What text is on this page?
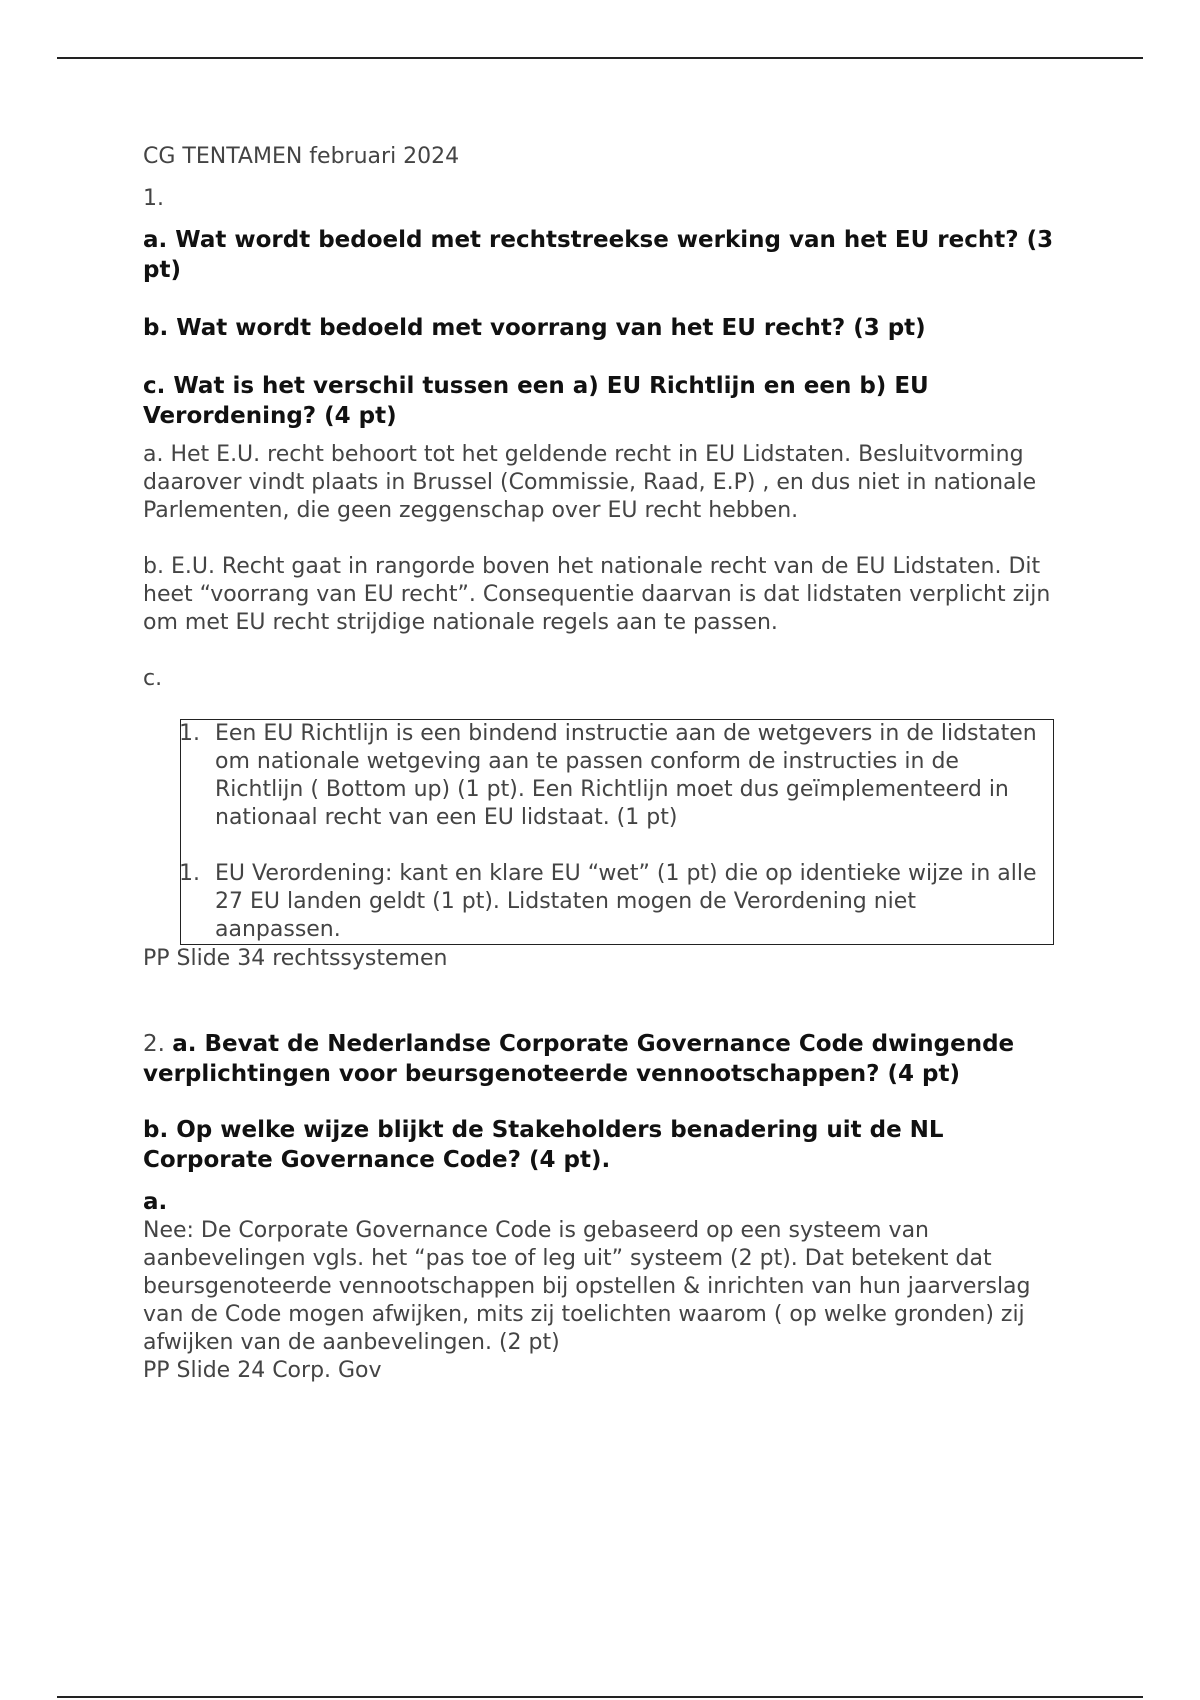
CG TENTAMEN februari 2024

1.

a. Wat wordt bedoeld met rechtstreekse werking van het EU recht? (3 pt)

b. Wat wordt bedoeld met voorrang van het EU recht? (3 pt)

c. Wat is het verschil tussen een a) EU Richtlijn en een b) EU Verordening? (4 pt)

a. Het E.U. recht behoort tot het geldende recht in EU Lidstaten. Besluitvorming daarover vindt plaats in Brussel (Commissie, Raad, E.P) , en dus niet in nationale Parlementen, die geen zeggenschap over EU recht hebben.

b. E.U. Recht gaat in rangorde boven het nationale recht van de EU Lidstaten. Dit heet “voorrang van EU recht”. Consequentie daarvan is dat lidstaten verplicht zijn om met EU recht strijdige nationale regels aan te passen.

c.

1. Een EU Richtlijn is een bindend instructie aan de wetgevers in de lidstaten om nationale wetgeving aan te passen conform de instructies in de Richtlijn ( Bottom up) (1 pt). Een Richtlijn moet dus geïmplementeerd in nationaal recht van een EU lidstaat. (1 pt)
1. EU Verordening: kant en klare EU “wet” (1 pt) die op identieke wijze in alle 27 EU landen geldt (1 pt). Lidstaten mogen de Verordening niet aanpassen.

PP Slide 34 rechtssystemen

2. a. Bevat de Nederlandse Corporate Governance Code dwingende verplichtingen voor beursgenoteerde vennootschappen? (4 pt)

b. Op welke wijze blijkt de Stakeholders benadering uit de NL Corporate Governance Code? (4 pt).

a.

Nee: De Corporate Governance Code is gebaseerd op een systeem van aanbevelingen vgls. het “pas toe of leg uit” systeem (2 pt). Dat betekent dat beursgenoteerde vennootschappen bij opstellen & inrichten van hun jaarverslag van de Code mogen afwijken, mits zij toelichten waarom ( op welke gronden) zij afwijken van de aanbevelingen. (2 pt)

PP Slide 24 Corp. Gov
